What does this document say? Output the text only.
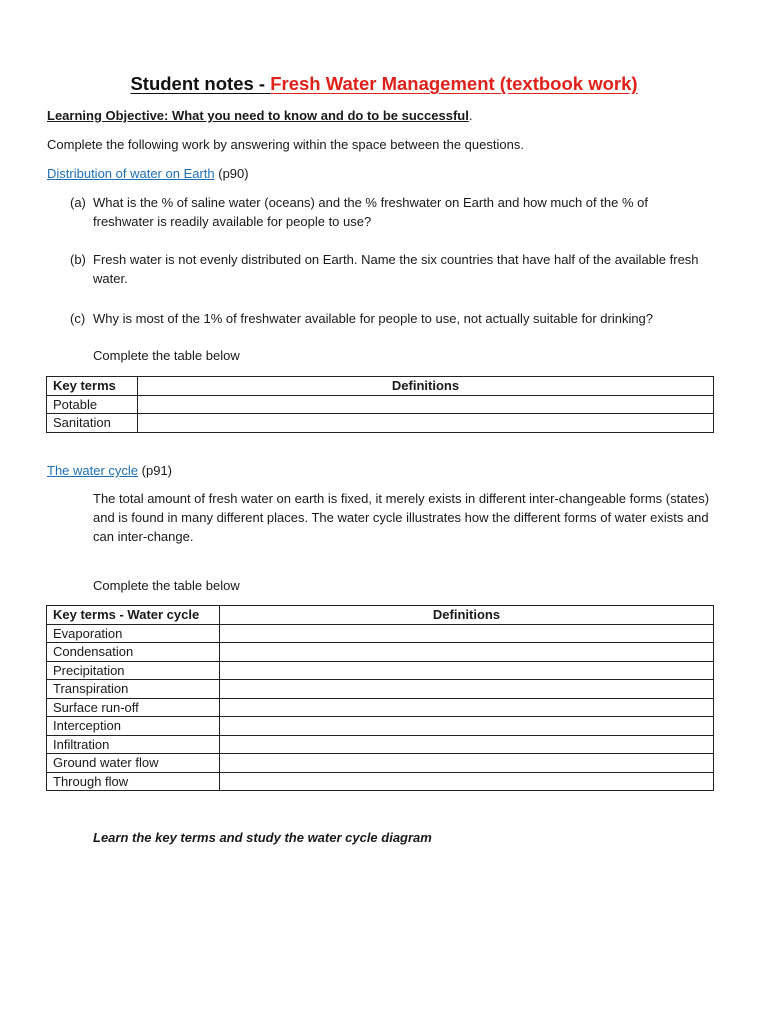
Student notes - Fresh Water Management (textbook work)
Learning Objective: What you need to know and do to be successful.
Complete the following work by answering within the space between the questions.
Distribution of water on Earth (p90)
(a) What is the % of saline water (oceans) and the % freshwater on Earth and how much of the % of freshwater is readily available for people to use?
(b) Fresh water is not evenly distributed on Earth. Name the six countries that have half of the available fresh water.
(c) Why is most of the 1% of freshwater available for people to use, not actually suitable for drinking?
Complete the table below
Key terms	Definitions
Potable	
Sanitation	
The water cycle (p91)
The total amount of fresh water on earth is fixed, it merely exists in different inter-changeable forms (states) and is found in many different places. The water cycle illustrates how the different forms of water exists and can inter-change.
Complete the table below
Key terms - Water cycle	Definitions
Evaporation	
Condensation	
Precipitation	
Transpiration	
Surface run-off	
Interception	
Infiltration	
Ground water flow	
Through flow	
Learn the key terms and study the water cycle diagram
